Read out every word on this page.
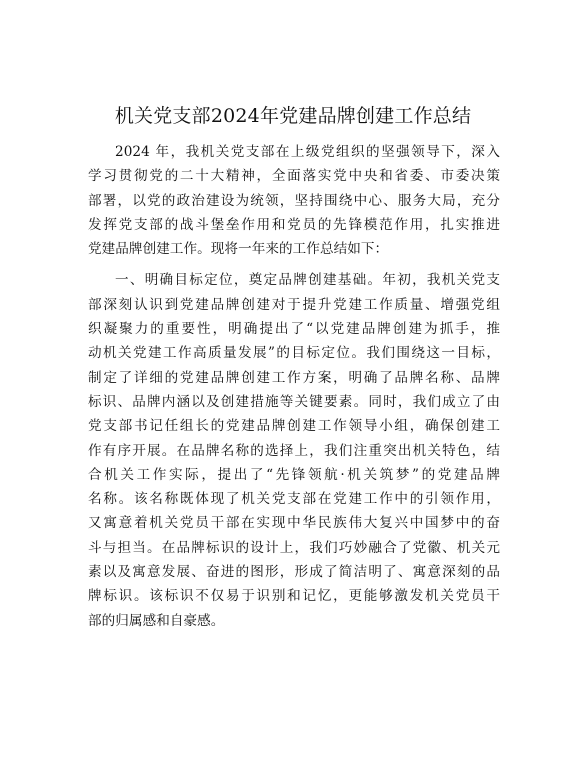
机关党支部2024年党建品牌创建工作总结
2024 年，我机关党支部在上级党组织的坚强领导下，深入
学习贯彻党的二十大精神，全面落实党中央和省委、市委决策
部署，以党的政治建设为统领，坚持围绕中心、服务大局，充分
发挥党支部的战斗堡垒作用和党员的先锋模范作用，扎实推进
党建品牌创建工作。现将一年来的工作总结如下：
一、明确目标定位，奠定品牌创建基础。年初，我机关党支
部深刻认识到党建品牌创建对于提升党建工作质量、增强党组
织凝聚力的重要性，明确提出了“以党建品牌创建为抓手，推
动机关党建工作高质量发展”的目标定位。我们围绕这一目标，
制定了详细的党建品牌创建工作方案，明确了品牌名称、品牌
标识、品牌内涵以及创建措施等关键要素。同时，我们成立了由
党支部书记任组长的党建品牌创建工作领导小组，确保创建工
作有序开展。在品牌名称的选择上，我们注重突出机关特色，结
合机关工作实际，提出了“先锋领航·机关筑梦”的党建品牌
名称。该名称既体现了机关党支部在党建工作中的引领作用，
又寓意着机关党员干部在实现中华民族伟大复兴中国梦中的奋
斗与担当。在品牌标识的设计上，我们巧妙融合了党徽、机关元
素以及寓意发展、奋进的图形，形成了简洁明了、寓意深刻的品
牌标识。该标识不仅易于识别和记忆，更能够激发机关党员干
部的归属感和自豪感。
